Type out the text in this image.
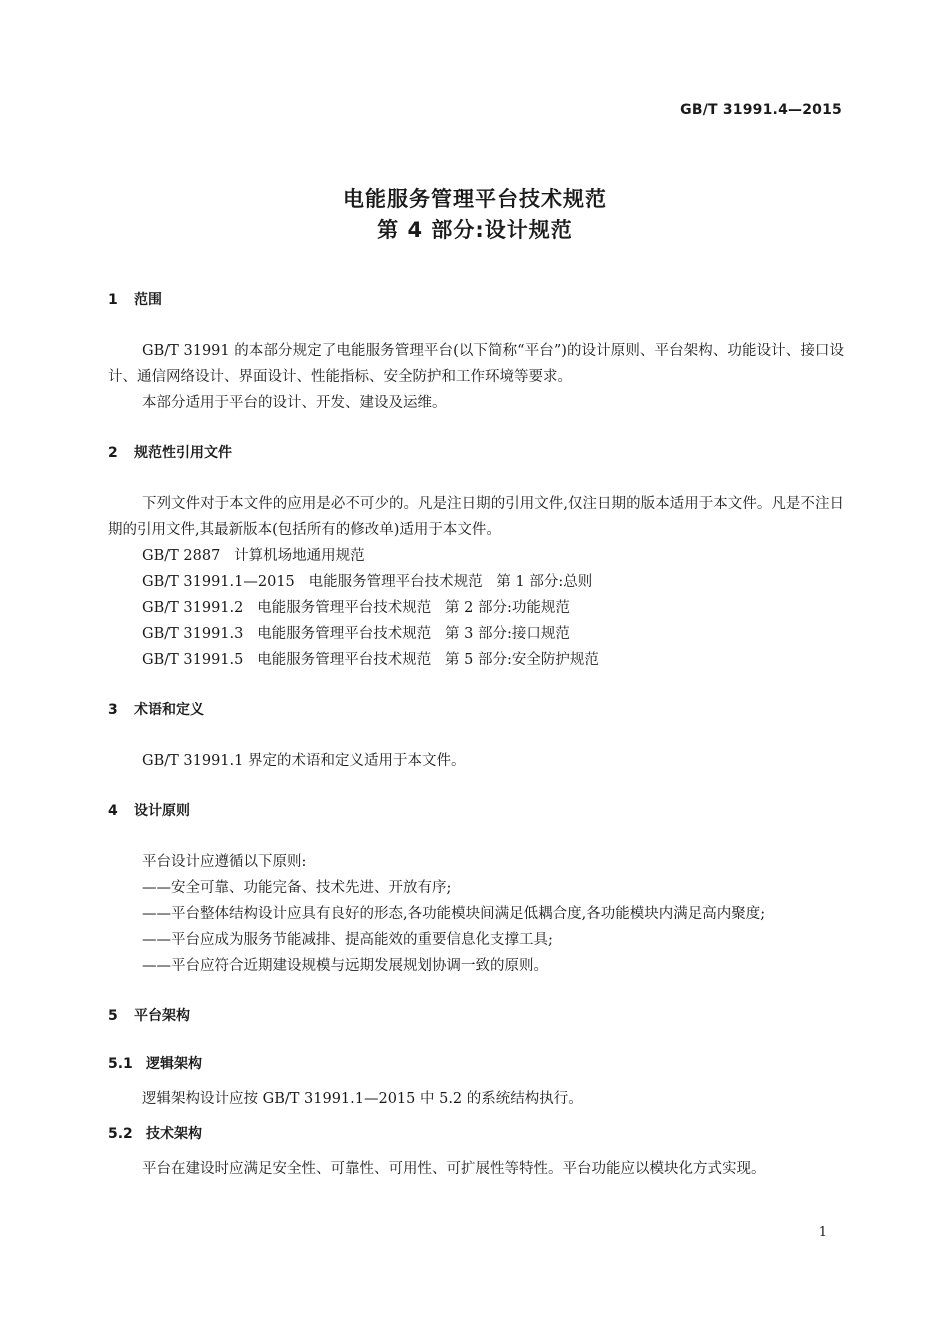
GB/T 31991.4—2015
电能服务管理平台技术规范
第 4 部分:设计规范
1 范围

GB/T 31991 的本部分规定了电能服务管理平台(以下简称“平台”)的设计原则、平台架构、功能设计、接口设计、通信网络设计、界面设计、性能指标、安全防护和工作环境等要求。

本部分适用于平台的设计、开发、建设及运维。

2 规范性引用文件

下列文件对于本文件的应用是必不可少的。凡是注日期的引用文件,仅注日期的版本适用于本文件。凡是不注日期的引用文件,其最新版本(包括所有的修改单)适用于本文件。

GB/T 2887   计算机场地通用规范

GB/T 31991.1—2015   电能服务管理平台技术规范   第 1 部分:总则

GB/T 31991.2   电能服务管理平台技术规范   第 2 部分:功能规范

GB/T 31991.3   电能服务管理平台技术规范   第 3 部分:接口规范

GB/T 31991.5   电能服务管理平台技术规范   第 5 部分:安全防护规范

3 术语和定义

GB/T 31991.1 界定的术语和定义适用于本文件。

4 设计原则

平台设计应遵循以下原则:

——安全可靠、功能完备、技术先进、开放有序;

——平台整体结构设计应具有良好的形态,各功能模块间满足低耦合度,各功能模块内满足高内聚度;

——平台应成为服务节能减排、提高能效的重要信息化支撑工具;

——平台应符合近期建设规模与远期发展规划协调一致的原则。

5 平台架构
5.1 逻辑架构

逻辑架构设计应按 GB/T 31991.1—2015 中 5.2 的系统结构执行。

5.2 技术架构

平台在建设时应满足安全性、可靠性、可用性、可扩展性等特性。平台功能应以模块化方式实现。

1
